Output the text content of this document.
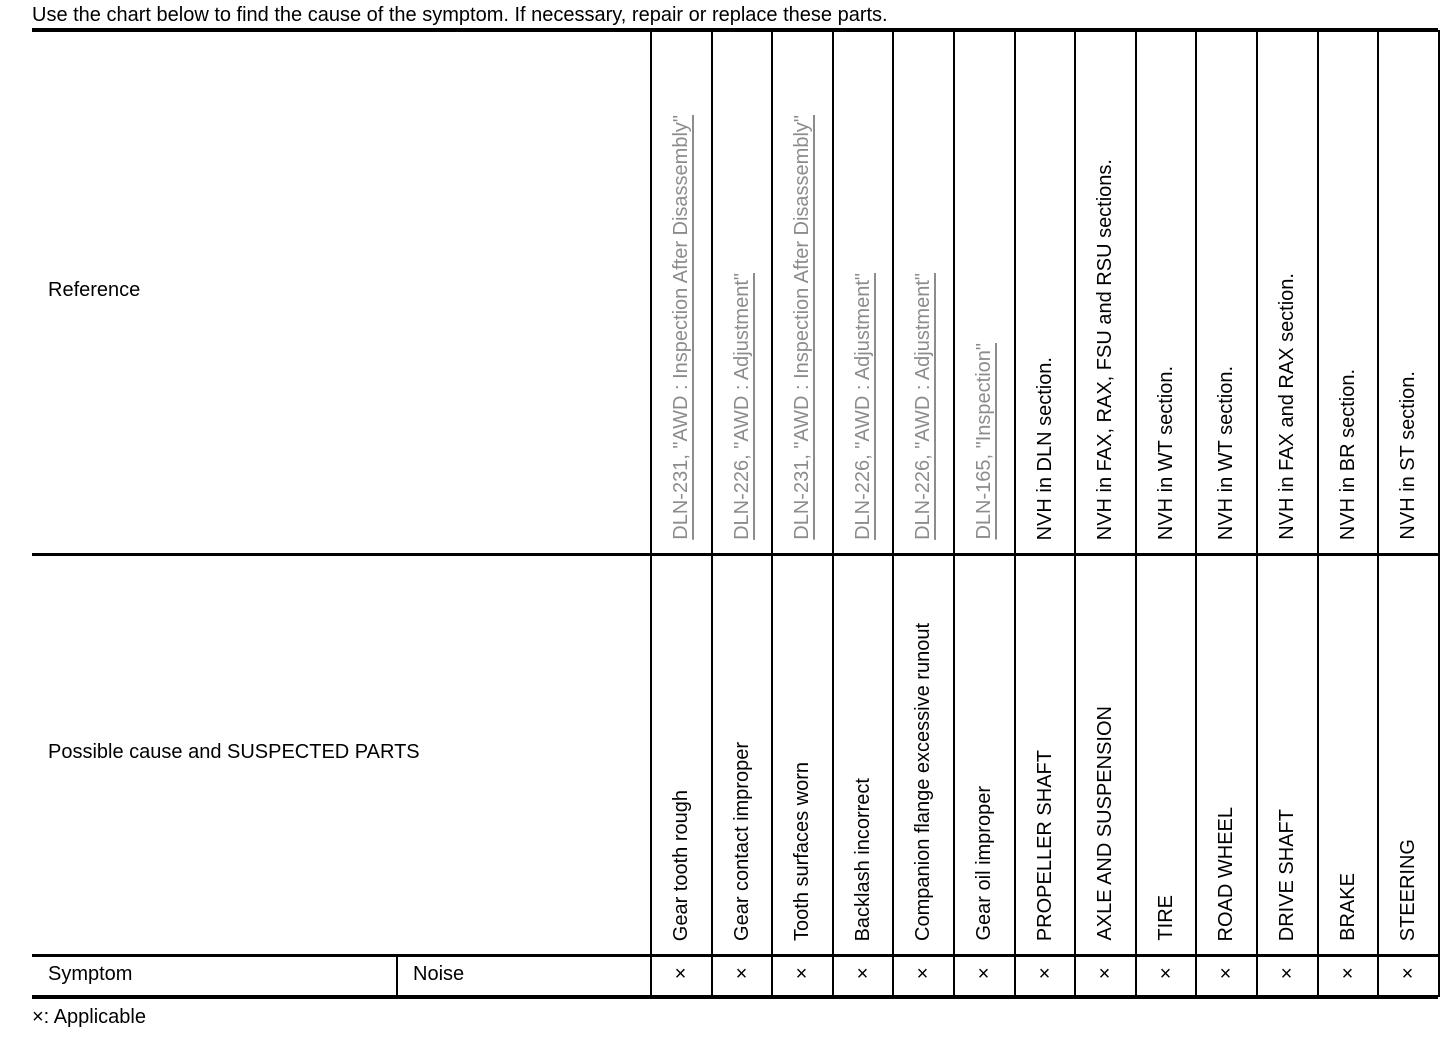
Use the chart below to find the cause of the symptom. If necessary, repair or replace these parts.
Reference
Possible cause and SUSPECTED PARTS
Symptom	Noise
DLN-231, "AWD : Inspection After Disassembly"
Gear tooth rough
×
DLN-226, "AWD : Adjustment"
Gear contact improper
×
DLN-231, "AWD : Inspection After Disassembly"
Tooth surfaces worn
×
DLN-226, "AWD : Adjustment"
Backlash incorrect
×
DLN-226, "AWD : Adjustment"
Companion flange excessive runout
×
DLN-165, "Inspection"
Gear oil improper
×
NVH in DLN section.
PROPELLER SHAFT
×
NVH in FAX, RAX, FSU and RSU sections.
AXLE AND SUSPENSION
×
NVH in WT section.
TIRE
×
NVH in WT section.
ROAD WHEEL
×
NVH in FAX and RAX section.
DRIVE SHAFT
×
NVH in BR section.
BRAKE
×
NVH in ST section.
STEERING
×
×: Applicable
